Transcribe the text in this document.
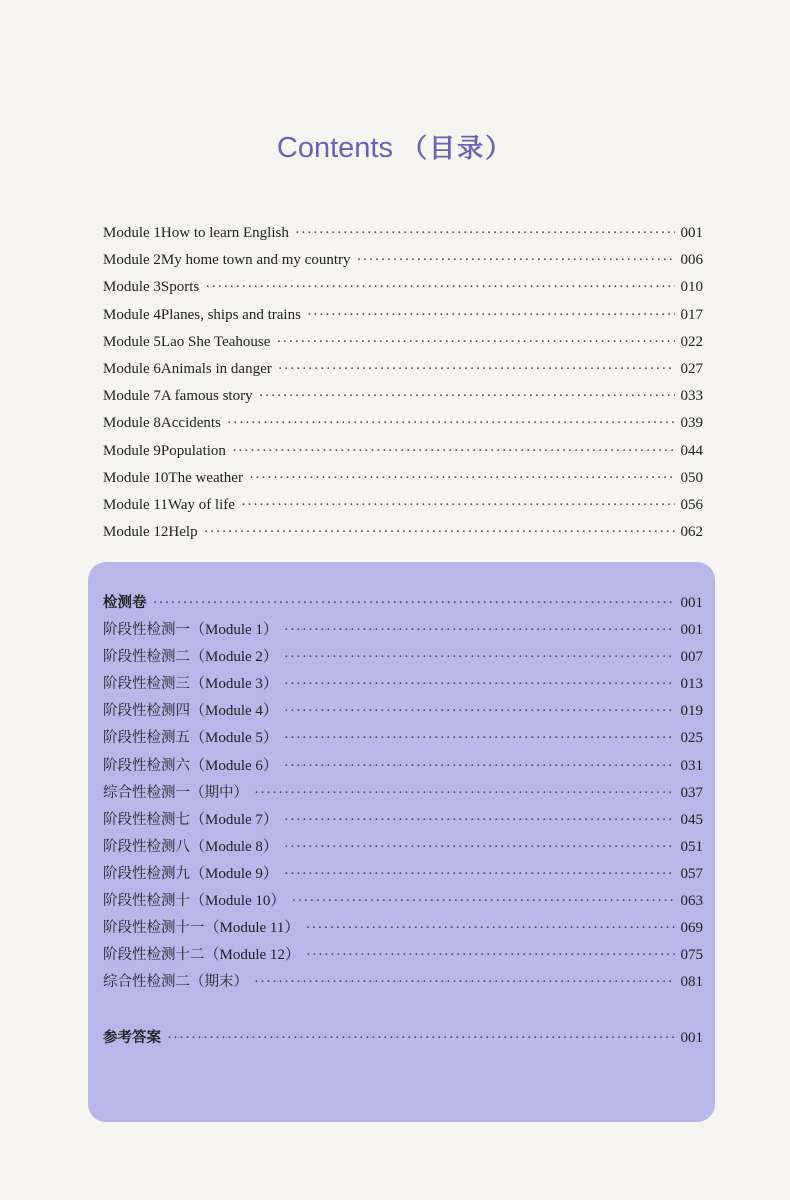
Contents （目录）
Module 1 How to learn English ·····	001
Module 2 My home town and my country ·····	006
Module 3 Sports ·····	010
Module 4 Planes, ships and trains ·····	017
Module 5 Lao She Teahouse ·····	022
Module 6 Animals in danger ·····	027
Module 7 A famous story ·····	033
Module 8 Accidents ·····	039
Module 9 Population ·····	044
Module 10 The weather ·····	050
Module 11 Way of life ·····	056
Module 12 Help ·····	062
检测卷 ·····	001
阶段性检测一 （Module 1） ·····	001
阶段性检测二 （Module 2） ·····	007
阶段性检测三 （Module 3） ·····	013
阶段性检测四 （Module 4） ·····	019
阶段性检测五 （Module 5） ·····	025
阶段性检测六 （Module 6） ·····	031
综合性检测一 （期中） ·····	037
阶段性检测七 （Module 7） ·····	045
阶段性检测八 （Module 8） ·····	051
阶段性检测九 （Module 9） ·····	057
阶段性检测十 （Module 10） ·····	063
阶段性检测十一 （Module 11） ·····	069
阶段性检测十二 （Module 12） ·····	075
综合性检测二 （期末） ·····	081
参考答案 ·····	001
